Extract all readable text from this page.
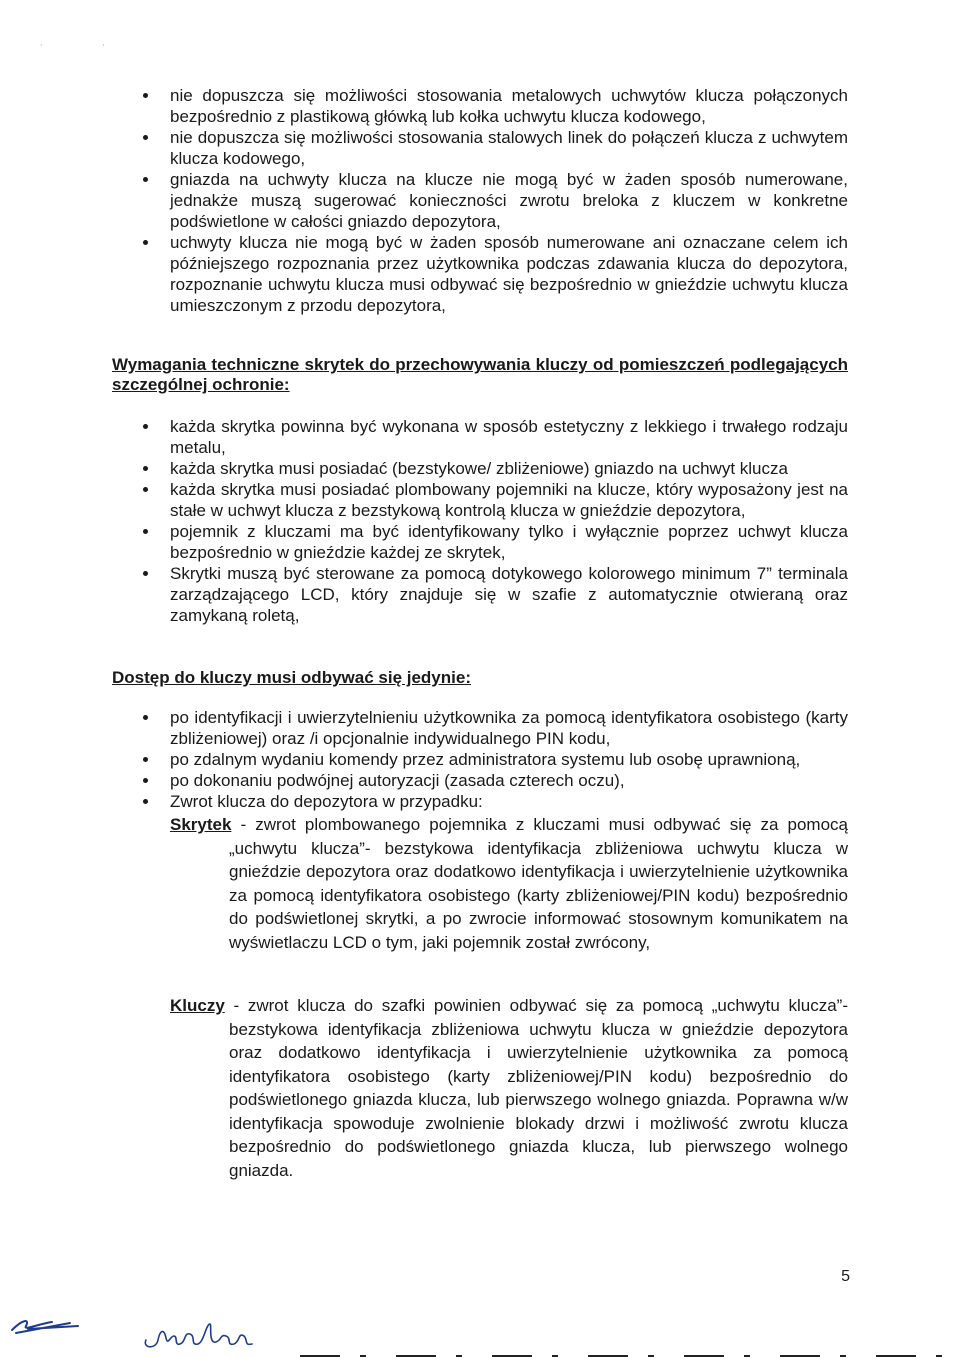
˙ ˙
nie dopuszcza się możliwości stosowania metalowych uchwytów klucza połączonych bezpośrednio z plastikową główką lub kołka uchwytu klucza kodowego,
nie dopuszcza się możliwości stosowania stalowych linek do połączeń klucza z uchwytem klucza kodowego,
gniazda na uchwyty klucza na klucze nie mogą być w żaden sposób numerowane, jednakże muszą sugerować konieczności zwrotu breloka z kluczem w konkretne podświetlone w całości gniazdo depozytora,
uchwyty klucza nie mogą być w żaden sposób numerowane ani oznaczane celem ich późniejszego rozpoznania przez użytkownika podczas zdawania klucza do depozytora, rozpoznanie uchwytu klucza musi odbywać się bezpośrednio w gnieździe uchwytu klucza umieszczonym z przodu depozytora,
Wymagania techniczne skrytek do przechowywania kluczy od pomieszczeń podlegających szczególnej ochronie:
każda skrytka powinna być wykonana w sposób estetyczny z lekkiego i trwałego rodzaju metalu,
każda skrytka musi posiadać (bezstykowe/ zbliżeniowe) gniazdo na uchwyt klucza
każda skrytka musi posiadać plombowany pojemniki na klucze, który wyposażony jest na stałe w uchwyt klucza z bezstykową kontrolą klucza w gnieździe depozytora,
pojemnik z kluczami ma być identyfikowany tylko i wyłącznie poprzez uchwyt klucza bezpośrednio w gnieździe każdej ze skrytek,
Skrytki muszą być sterowane za pomocą dotykowego kolorowego minimum 7” terminala zarządzającego LCD, który znajduje się w szafie z automatycznie otwieraną oraz zamykaną roletą,
Dostęp do kluczy musi odbywać się jedynie:
po identyfikacji i uwierzytelnieniu użytkownika za pomocą identyfikatora osobistego (karty zbliżeniowej) oraz /i opcjonalnie indywidualnego PIN kodu,
po zdalnym wydaniu komendy przez administratora systemu lub osobę uprawnioną,
po dokonaniu podwójnej autoryzacji (zasada czterech oczu),
Zwrot klucza do depozytora w przypadku:
Skrytek - zwrot plombowanego pojemnika z kluczami musi odbywać się za pomocą
„uchwytu klucza”- bezstykowa identyfikacja zbliżeniowa uchwytu klucza w gnieździe depozytora oraz dodatkowo identyfikacja i uwierzytelnienie użytkownika za pomocą identyfikatora osobistego (karty zbliżeniowej/PIN kodu) bezpośrednio do podświetlonej skrytki, a po zwrocie informować stosownym komunikatem na wyświetlaczu LCD o tym, jaki pojemnik został zwrócony,
Kluczy - zwrot klucza do szafki powinien odbywać się za pomocą „uchwytu klucza”-
bezstykowa identyfikacja zbliżeniowa uchwytu klucza w gnieździe depozytora oraz dodatkowo identyfikacja i uwierzytelnienie użytkownika za pomocą identyfikatora osobistego (karty zbliżeniowej/PIN kodu) bezpośrednio do podświetlonego gniazda klucza, lub pierwszego wolnego gniazda. Poprawna w/w identyfikacja spowoduje zwolnienie blokady drzwi i możliwość zwrotu klucza bezpośrednio do podświetlonego gniazda klucza, lub pierwszego wolnego gniazda.
5
